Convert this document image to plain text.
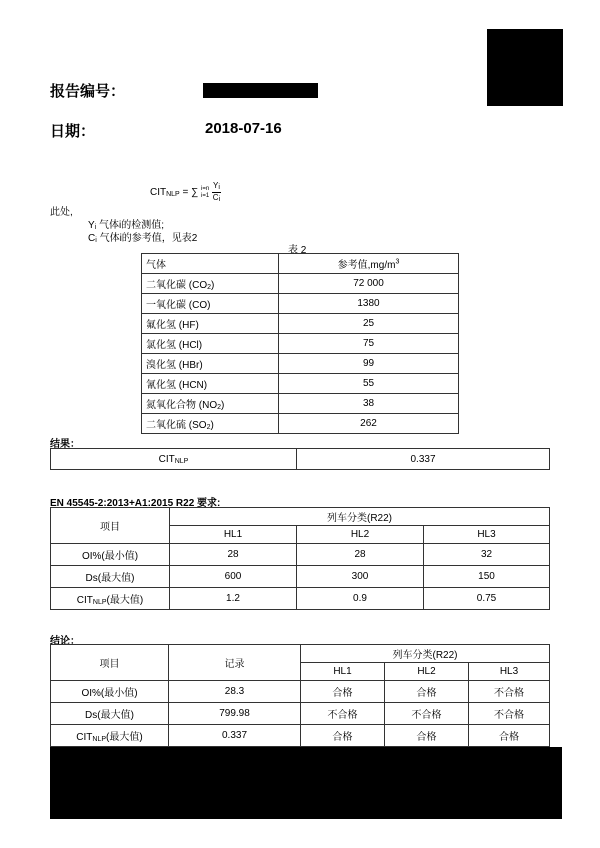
报告编号：
日期：	2018-07-16
$CIT_{NLP}$ = ∑ i=n
i=1 $Y_i$
$C_i$
此处,
$Y_i$ 气体i的检测值;
$C_i$ 气体i的参考值，见表2
表 2
气体	参考值$,mg/m^3$
二氧化碳 $(CO_2)$	72 000
一氧化碳 (CO)	1380
氟化氢 (HF)	25
氯化氢 (HCl)	75
溴化氢 (HBr)	99
氰化氢 (HCN)	55
氮氧化合物 $(NO_2)$	38
二氧化硫 $(SO_2)$	262
结果：
$CIT_{NLP}$	0.337
EN 45545-2:2013+A1:2015 R22 要求:
项目	列车分类(R22)		
	HL1	HL2	HL3
OI%(最小值)	28	28	32
Ds(最大值)	600	300	150
$CIT_{NLP}$(最大值)	1.2	0.9	0.75
结论：
项目	记录	列车分类(R22)		
		HL1	HL2	HL3
OI%(最小值)	28.3	合格	合格	不合格
Ds(最大值)	799.98	不合格	不合格	不合格
$CIT_{NLP}$(最大值)	0.337	合格	合格	合格
